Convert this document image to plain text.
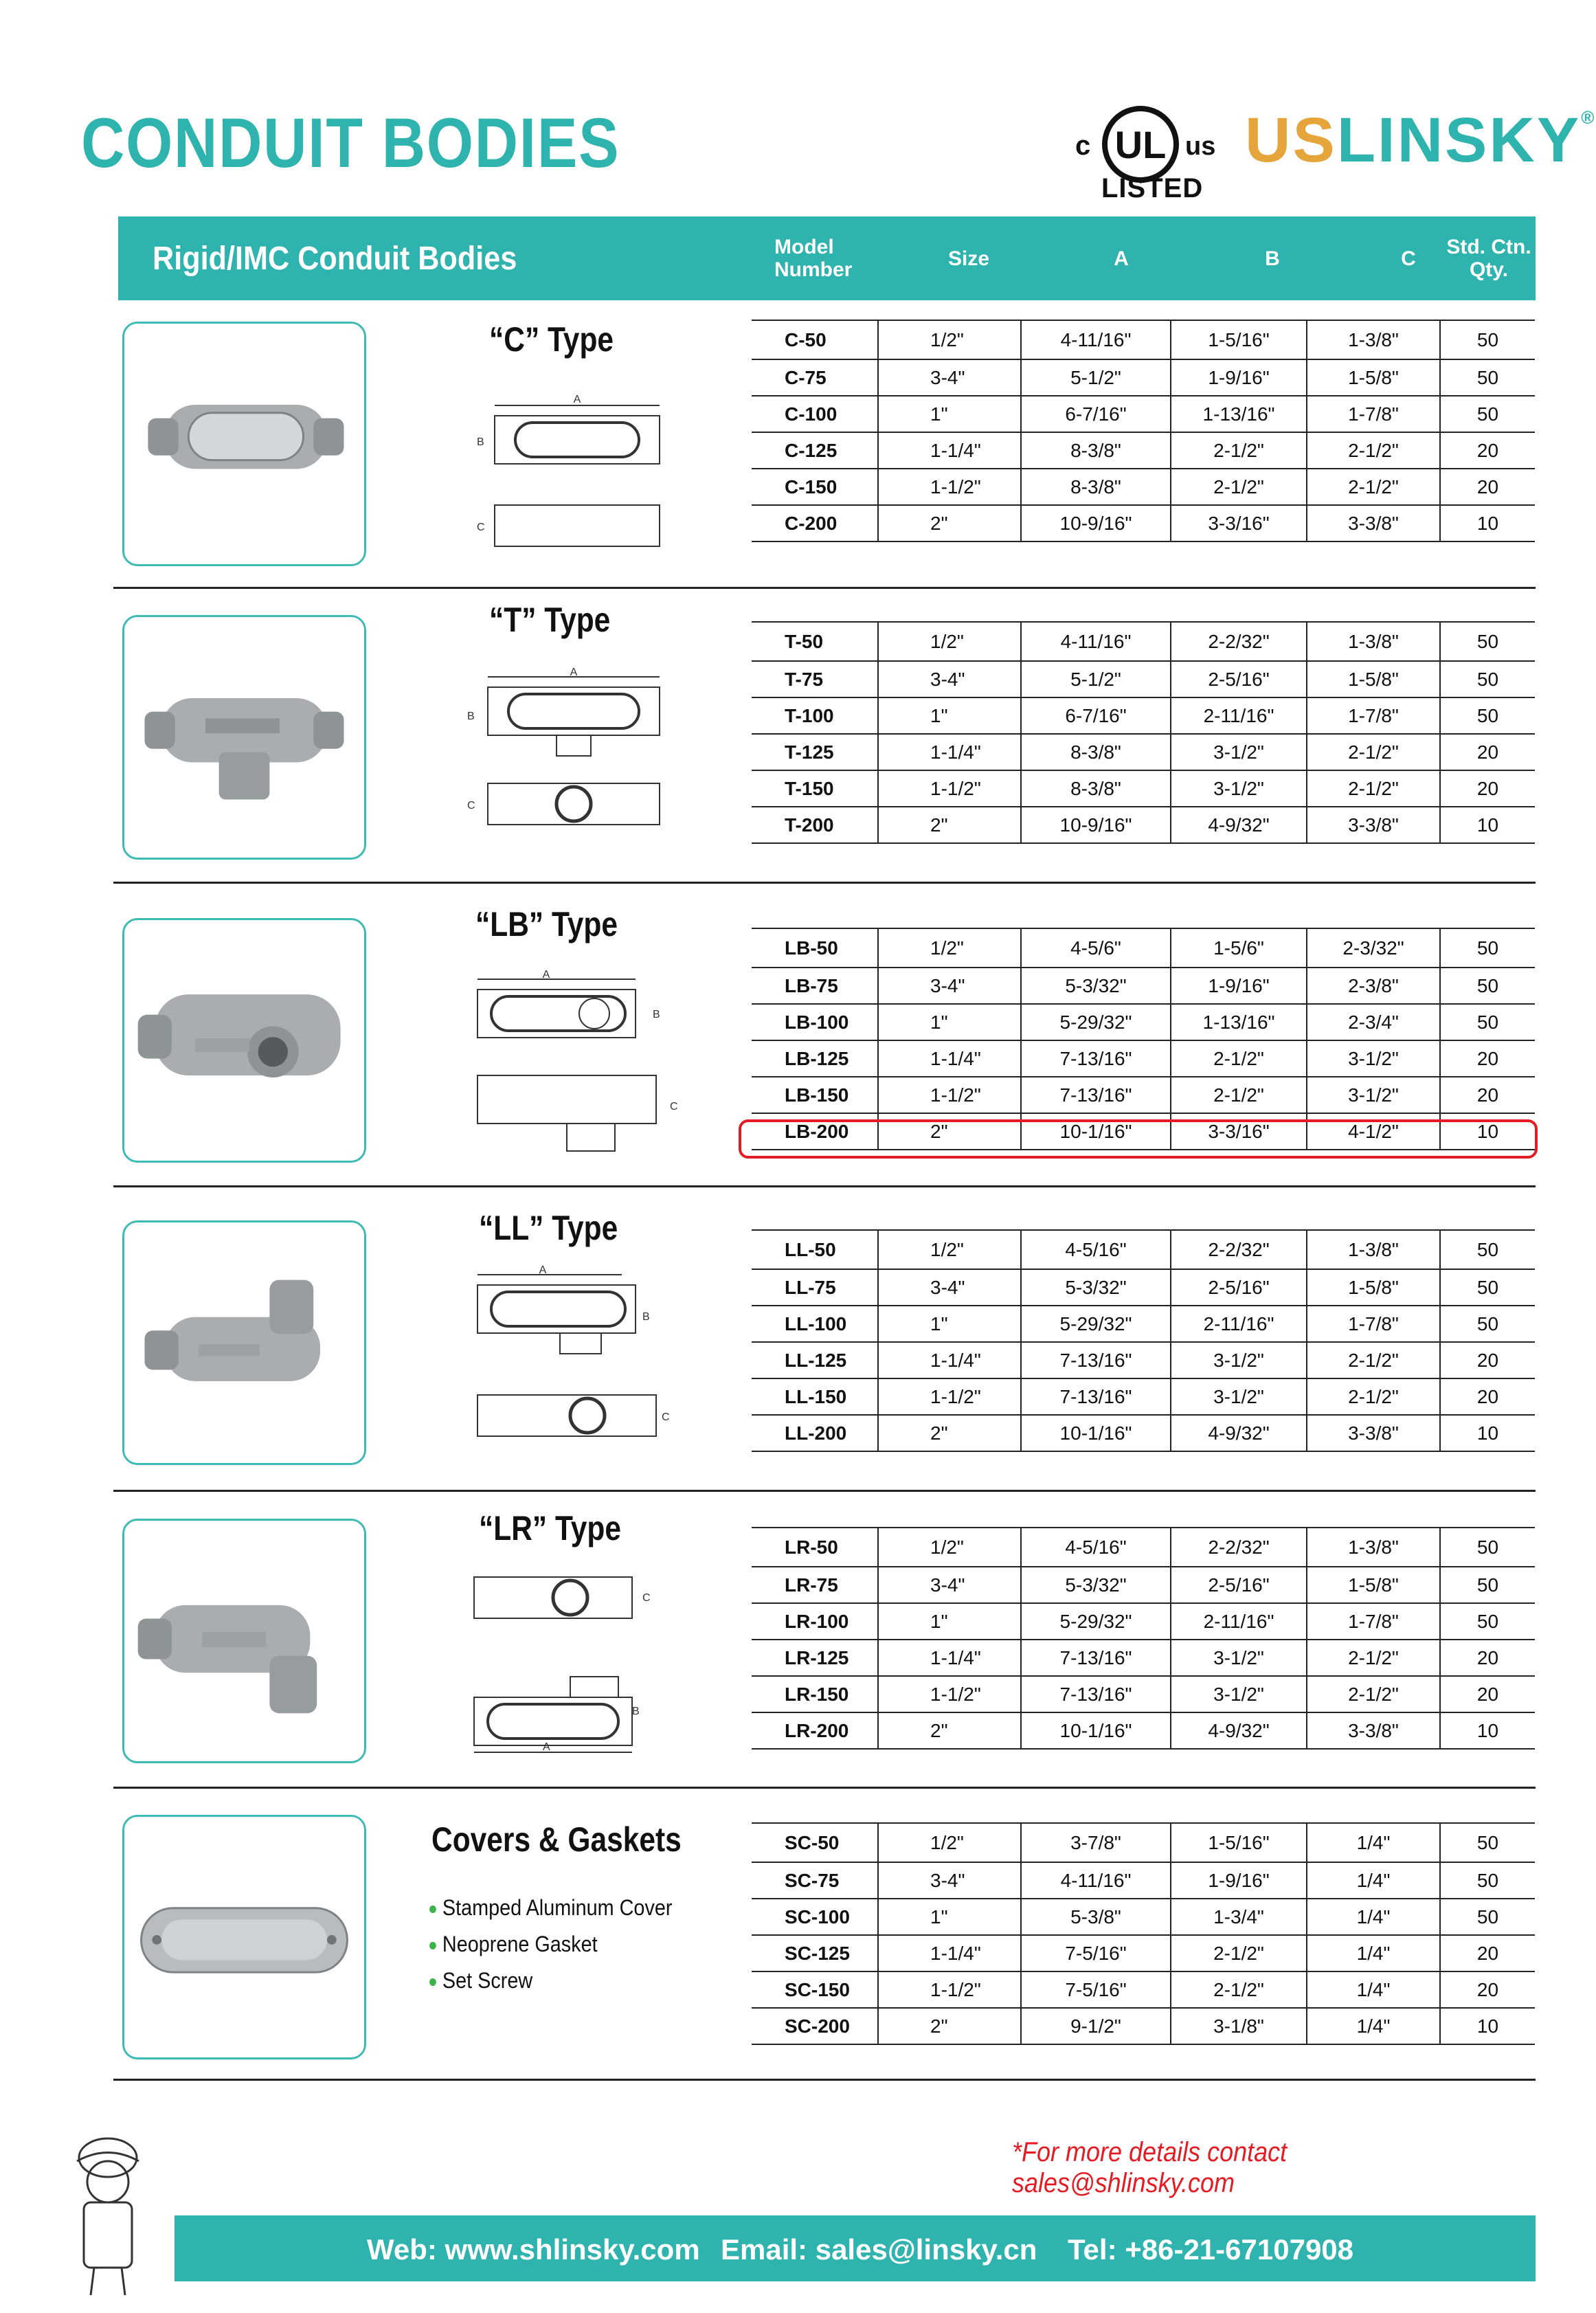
CONDUIT BODIES	c UL us
LISTED
USLINSKY®
Rigid/IMC Conduit Bodies	Model Number	Size	A	B	C	Std. Ctn. Qty.
“C” Type
“T” Type
“LB” Type
“LL” Type
“LR” Type
Covers & Gaskets
A
B
C
A
B
C
A
B
C
A
B
C
C
B
A
Stamped Aluminum Cover
Neoprene Gasket
Set Screw
C-50	1/2"	4-11/16"	1-5/16"	1-3/8"	50
C-75	3-4"	5-1/2"	1-9/16"	1-5/8"	50
C-100	1"	6-7/16"	1-13/16"	1-7/8"	50
C-125	1-1/4"	8-3/8"	2-1/2"	2-1/2"	20
C-150	1-1/2"	8-3/8"	2-1/2"	2-1/2"	20
C-200	2"	10-9/16"	3-3/16"	3-3/8"	10
T-50	1/2"	4-11/16"	2-2/32"	1-3/8"	50
T-75	3-4"	5-1/2"	2-5/16"	1-5/8"	50
T-100	1"	6-7/16"	2-11/16"	1-7/8"	50
T-125	1-1/4"	8-3/8"	3-1/2"	2-1/2"	20
T-150	1-1/2"	8-3/8"	3-1/2"	2-1/2"	20
T-200	2"	10-9/16"	4-9/32"	3-3/8"	10
LB-50	1/2"	4-5/6"	1-5/6"	2-3/32"	50
LB-75	3-4"	5-3/32"	1-9/16"	2-3/8"	50
LB-100	1"	5-29/32"	1-13/16"	2-3/4"	50
LB-125	1-1/4"	7-13/16"	2-1/2"	3-1/2"	20
LB-150	1-1/2"	7-13/16"	2-1/2"	3-1/2"	20
LB-200	2"	10-1/16"	3-3/16"	4-1/2"	10
LL-50	1/2"	4-5/16"	2-2/32"	1-3/8"	50
LL-75	3-4"	5-3/32"	2-5/16"	1-5/8"	50
LL-100	1"	5-29/32"	2-11/16"	1-7/8"	50
LL-125	1-1/4"	7-13/16"	3-1/2"	2-1/2"	20
LL-150	1-1/2"	7-13/16"	3-1/2"	2-1/2"	20
LL-200	2"	10-1/16"	4-9/32"	3-3/8"	10
LR-50	1/2"	4-5/16"	2-2/32"	1-3/8"	50
LR-75	3-4"	5-3/32"	2-5/16"	1-5/8"	50
LR-100	1"	5-29/32"	2-11/16"	1-7/8"	50
LR-125	1-1/4"	7-13/16"	3-1/2"	2-1/2"	20
LR-150	1-1/2"	7-13/16"	3-1/2"	2-1/2"	20
LR-200	2"	10-1/16"	4-9/32"	3-3/8"	10
SC-50	1/2"	3-7/8"	1-5/16"	1/4"	50
SC-75	3-4"	4-11/16"	1-9/16"	1/4"	50
SC-100	1"	5-3/8"	1-3/4"	1/4"	50
SC-125	1-1/4"	7-5/16"	2-1/2"	1/4"	20
SC-150	1-1/2"	7-5/16"	2-1/2"	1/4"	20
SC-200	2"	9-1/2"	3-1/8"	1/4"	10
*For more details contact sales@shlinsky.com
Web: www.shlinsky.com Email: sales@linsky.cn Tel: +86-21-67107908
